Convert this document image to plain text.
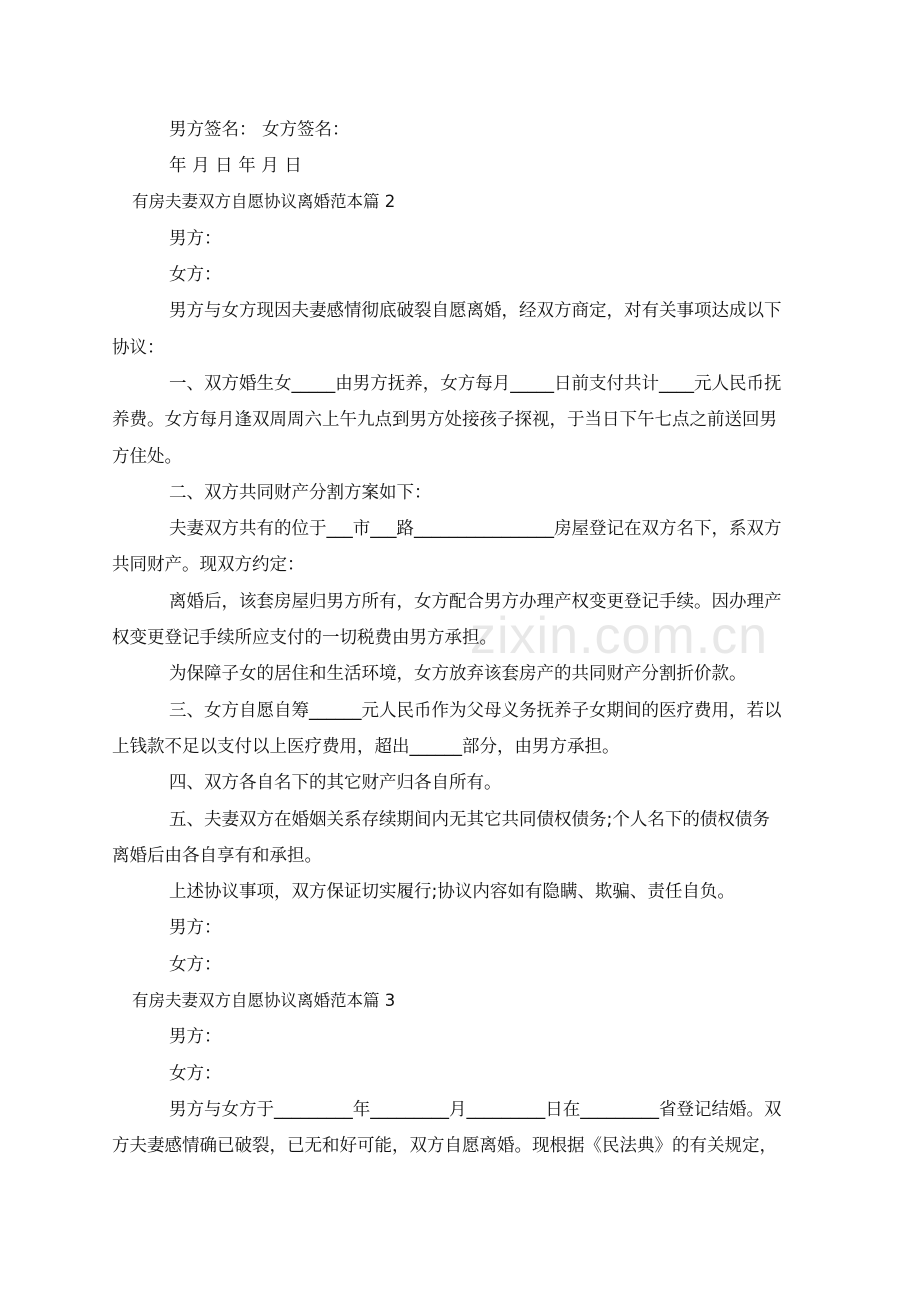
zixin.com.cn

男方签名： 女方签名：

年 月 日 年 月 日

有房夫妻双方自愿协议离婚范本篇 2

男方：

女方：

男方与女方现因夫妻感情彻底破裂自愿离婚，经双方商定，对有关事项达成以下

协议：

一、双方婚生女_____由男方抚养，女方每月_____日前支付共计____元人民币抚

养费。女方每月逢双周周六上午九点到男方处接孩子探视，于当日下午七点之前送回男

方住处。

二、双方共同财产分割方案如下：

夫妻双方共有的位于___市___路________________房屋登记在双方名下，系双方

共同财产。现双方约定：

离婚后，该套房屋归男方所有，女方配合男方办理产权变更登记手续。因办理产

权变更登记手续所应支付的一切税费由男方承担。

为保障子女的居住和生活环境，女方放弃该套房产的共同财产分割折价款。

三、女方自愿自筹______元人民币作为父母义务抚养子女期间的医疗费用，若以

上钱款不足以支付以上医疗费用，超出______部分，由男方承担。

四、双方各自名下的其它财产归各自所有。

五、夫妻双方在婚姻关系存续期间内无其它共同债权债务;个人名下的债权债务

离婚后由各自享有和承担。

上述协议事项，双方保证切实履行;协议内容如有隐瞒、欺骗、责任自负。

男方：

女方：

有房夫妻双方自愿协议离婚范本篇 3

男方：

女方：

男方与女方于_________年_________月_________日在_________省登记结婚。双

方夫妻感情确已破裂，已无和好可能，双方自愿离婚。现根据《民法典》的有关规定，
